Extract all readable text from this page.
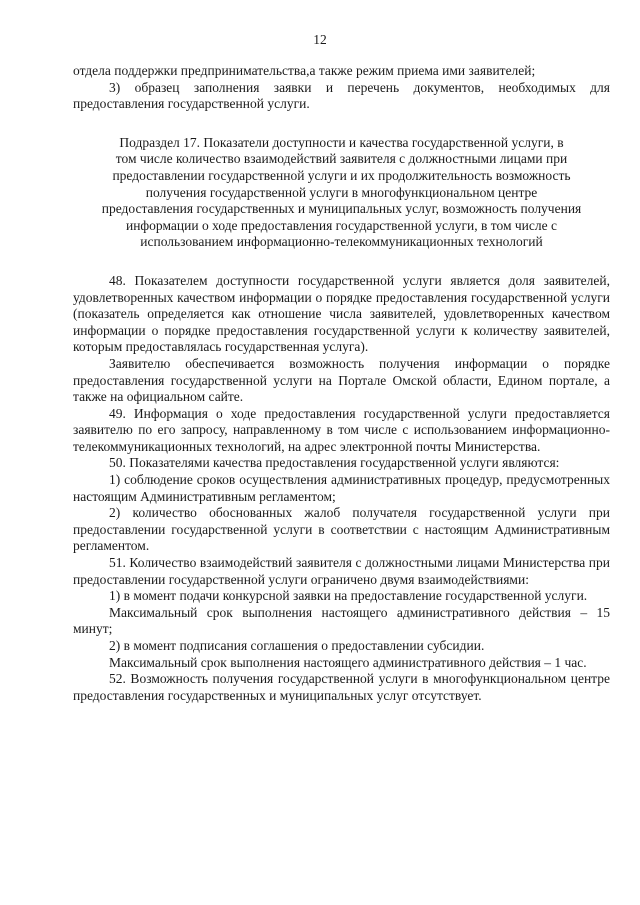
12

отдела поддержки предпринимательства,а также режим приема ими заявителей;

3) образец заполнения заявки и перечень документов, необходимых для предоставления государственной услуги.

Подраздел 17. Показатели доступности и качества государственной услуги, в
том числе количество взаимодействий заявителя с должностными лицами при
предоставлении государственной услуги и их продолжительность возможность
получения государственной услуги в многофункциональном центре
предоставления государственных и муниципальных услуг, возможность получения
информации о ходе предоставления государственной услуги, в том числе с
использованием информационно-телекоммуникационных технологий

48. Показателем доступности государственной услуги является доля заявителей, удовлетворенных качеством информации о порядке предоставления государственной услуги (показатель определяется как отношение числа заявителей, удовлетворенных качеством информации о порядке предоставления государственной услуги к количеству заявителей, которым предоставлялась государственная услуга).

Заявителю обеспечивается возможность получения информации о порядке предоставления государственной услуги на Портале Омской области, Едином портале, а также на официальном сайте.

49. Информация о ходе предоставления государственной услуги предоставляется заявителю по его запросу, направленному в том числе с использованием информационно-телекоммуникационных технологий, на адрес электронной почты Министерства.

50. Показателями качества предоставления государственной услуги являются:

1) соблюдение сроков осуществления административных процедур, предусмотренных настоящим Административным регламентом;

2) количество обоснованных жалоб получателя государственной услуги при предоставлении государственной услуги в соответствии с настоящим Административным регламентом.

51. Количество взаимодействий заявителя с должностными лицами Министерства при предоставлении государственной услуги ограничено двумя взаимодействиями:

1) в момент подачи конкурсной заявки на предоставление государственной услуги.

Максимальный срок выполнения настоящего административного действия – 15 минут;

2) в момент подписания соглашения о предоставлении субсидии.

Максимальный срок выполнения настоящего административного действия – 1 час.

52. Возможность получения государственной услуги в многофункциональном центре предоставления государственных и муниципальных услуг отсутствует.
